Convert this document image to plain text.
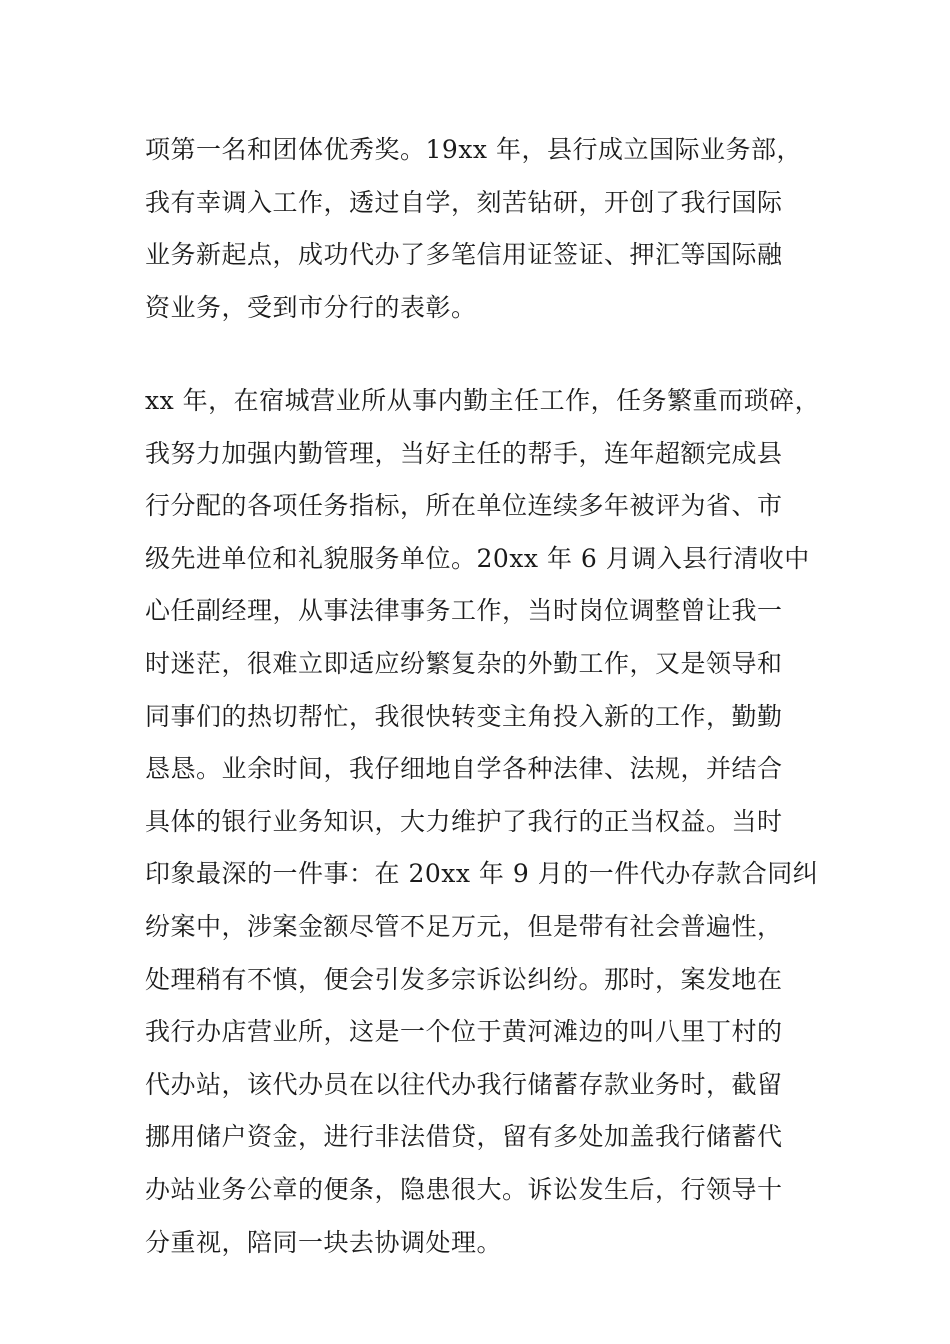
项第一名和团体优秀奖。19xx 年，县行成立国际业务部，
我有幸调入工作，透过自学，刻苦钻研，开创了我行国际
业务新起点，成功代办了多笔信用证签证、押汇等国际融
资业务，受到市分行的表彰。

xx 年，在宿城营业所从事内勤主任工作，任务繁重而琐碎，
我努力加强内勤管理，当好主任的帮手，连年超额完成县
行分配的各项任务指标，所在单位连续多年被评为省、市
级先进单位和礼貌服务单位。20xx 年 6 月调入县行清收中
心任副经理，从事法律事务工作，当时岗位调整曾让我一
时迷茫，很难立即适应纷繁复杂的外勤工作，又是领导和
同事们的热切帮忙，我很快转变主角投入新的工作，勤勤
恳恳。业余时间，我仔细地自学各种法律、法规，并结合
具体的银行业务知识，大力维护了我行的正当权益。当时
印象最深的一件事：在 20xx 年 9 月的一件代办存款合同纠
纷案中，涉案金额尽管不足万元，但是带有社会普遍性，
处理稍有不慎，便会引发多宗诉讼纠纷。那时，案发地在
我行办店营业所，这是一个位于黄河滩边的叫八里丁村的
代办站，该代办员在以往代办我行储蓄存款业务时，截留
挪用储户资金，进行非法借贷，留有多处加盖我行储蓄代
办站业务公章的便条，隐患很大。诉讼发生后，行领导十
分重视，陪同一块去协调处理。
